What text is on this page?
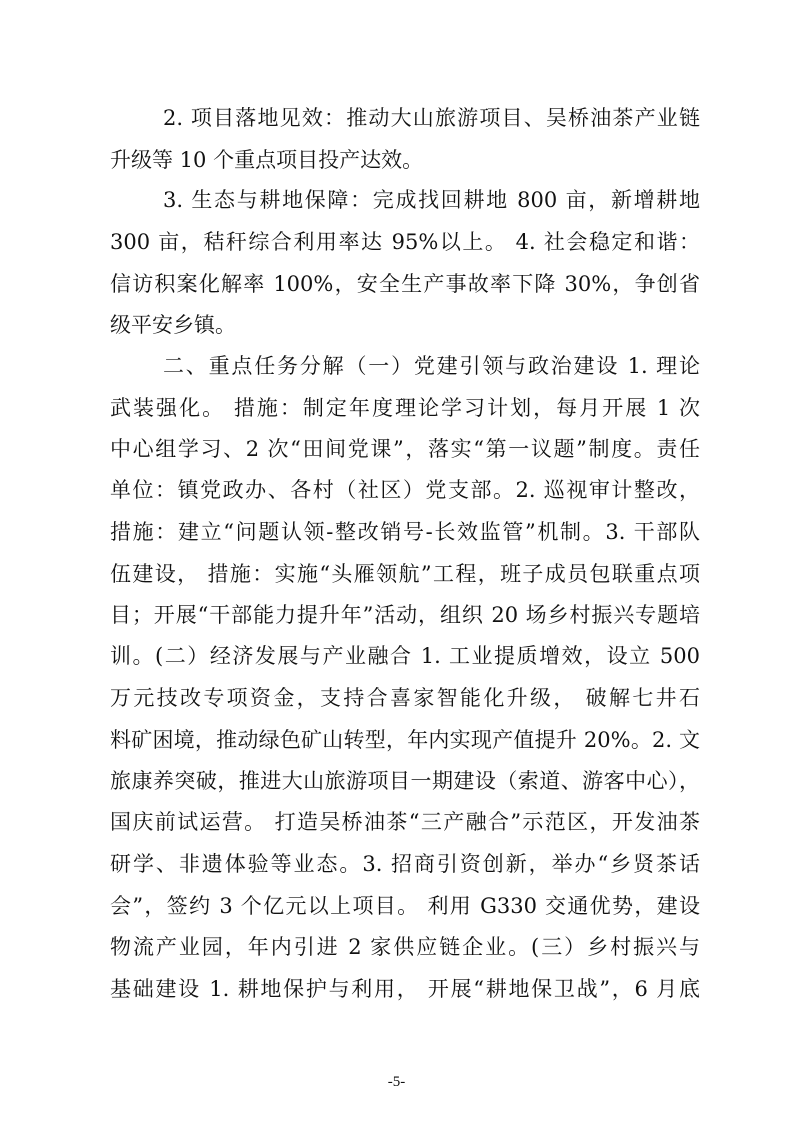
2. 项目落地见效：推动大山旅游项目、吴桥油茶产业链
升级等 10 个重点项目投产达效。
3. 生态与耕地保障：完成找回耕地 800 亩，新增耕地
300 亩，秸秆综合利用率达 95%以上。 4. 社会稳定和谐：
信访积案化解率 100%，安全生产事故率下降 30%，争创省
级平安乡镇。
二、重点任务分解（一）党建引领与政治建设 1. 理论
武装强化。 措施：制定年度理论学习计划，每月开展 1 次
中心组学习、2 次“田间党课”，落实“第一议题”制度。责任
单位：镇党政办、各村（社区）党支部。2. 巡视审计整改，
措施：建立“问题认领-整改销号-长效监管”机制。3. 干部队
伍建设， 措施：实施“头雁领航”工程，班子成员包联重点项
目；开展“干部能力提升年”活动，组织 20 场乡村振兴专题培
训。(二）经济发展与产业融合 1. 工业提质增效，设立 500
万元技改专项资金，支持合喜家智能化升级， 破解七井石
料矿困境，推动绿色矿山转型，年内实现产值提升 20%。2. 文
旅康养突破，推进大山旅游项目一期建设（索道、游客中心），
国庆前试运营。 打造吴桥油茶“三产融合”示范区，开发油茶
研学、非遗体验等业态。3. 招商引资创新，举办“乡贤茶话
会”，签约 3 个亿元以上项目。 利用 G330 交通优势，建设
物流产业园，年内引进 2 家供应链企业。(三）乡村振兴与
基础建设 1. 耕地保护与利用， 开展“耕地保卫战”，6 月底
-5-
